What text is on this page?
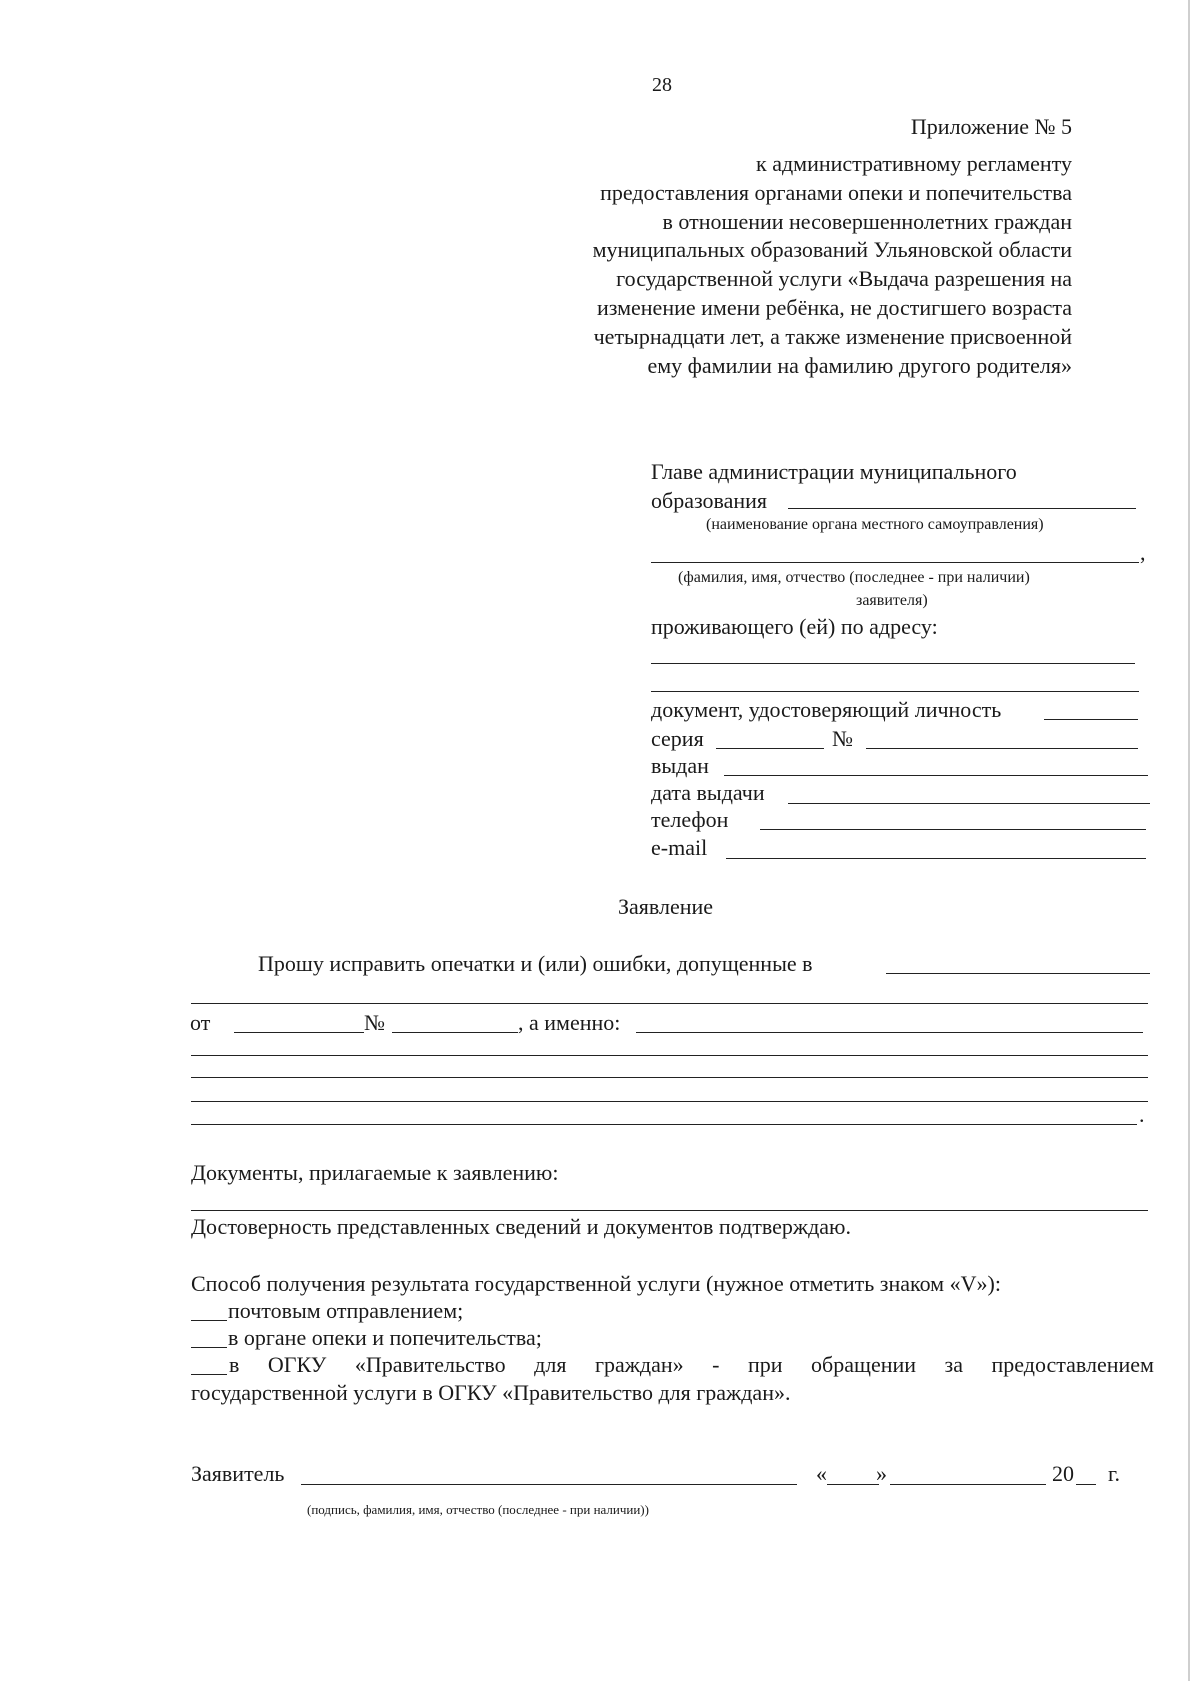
28
Приложение № 5
к административному регламенту
предоставления органами опеки и попечительства
в отношении несовершеннолетних граждан
муниципальных образований Ульяновской области
государственной услуги «Выдача разрешения на
изменение имени ребёнка, не достигшего возраста
четырнадцати лет, а также изменение присвоенной
ему фамилии на фамилию другого родителя»
Главе администрации муниципального
образования
(наименование органа местного самоуправления)
,
(фамилия, имя, отчество (последнее - при наличии)
заявителя)
проживающего (ей) по адресу:
документ, удостоверяющий личность
серия	№
выдан
дата выдачи
телефон
e-mail
Заявление
Прошу исправить опечатки и (или) ошибки, допущенные в
от	№	, а именно:
.
Документы, прилагаемые к заявлению:
Достоверность представленных сведений и документов подтверждаю.
Способ получения результата государственной услуги (нужное отметить знаком «V»):
почтовым отправлением;
в органе опеки и попечительства;
в ОГКУ «Правительство для граждан» - при обращении за предоставлением
государственной услуги в ОГКУ «Правительство для граждан».
Заявитель	« »	20 г.
(подпись, фамилия, имя, отчество (последнее - при наличии))
